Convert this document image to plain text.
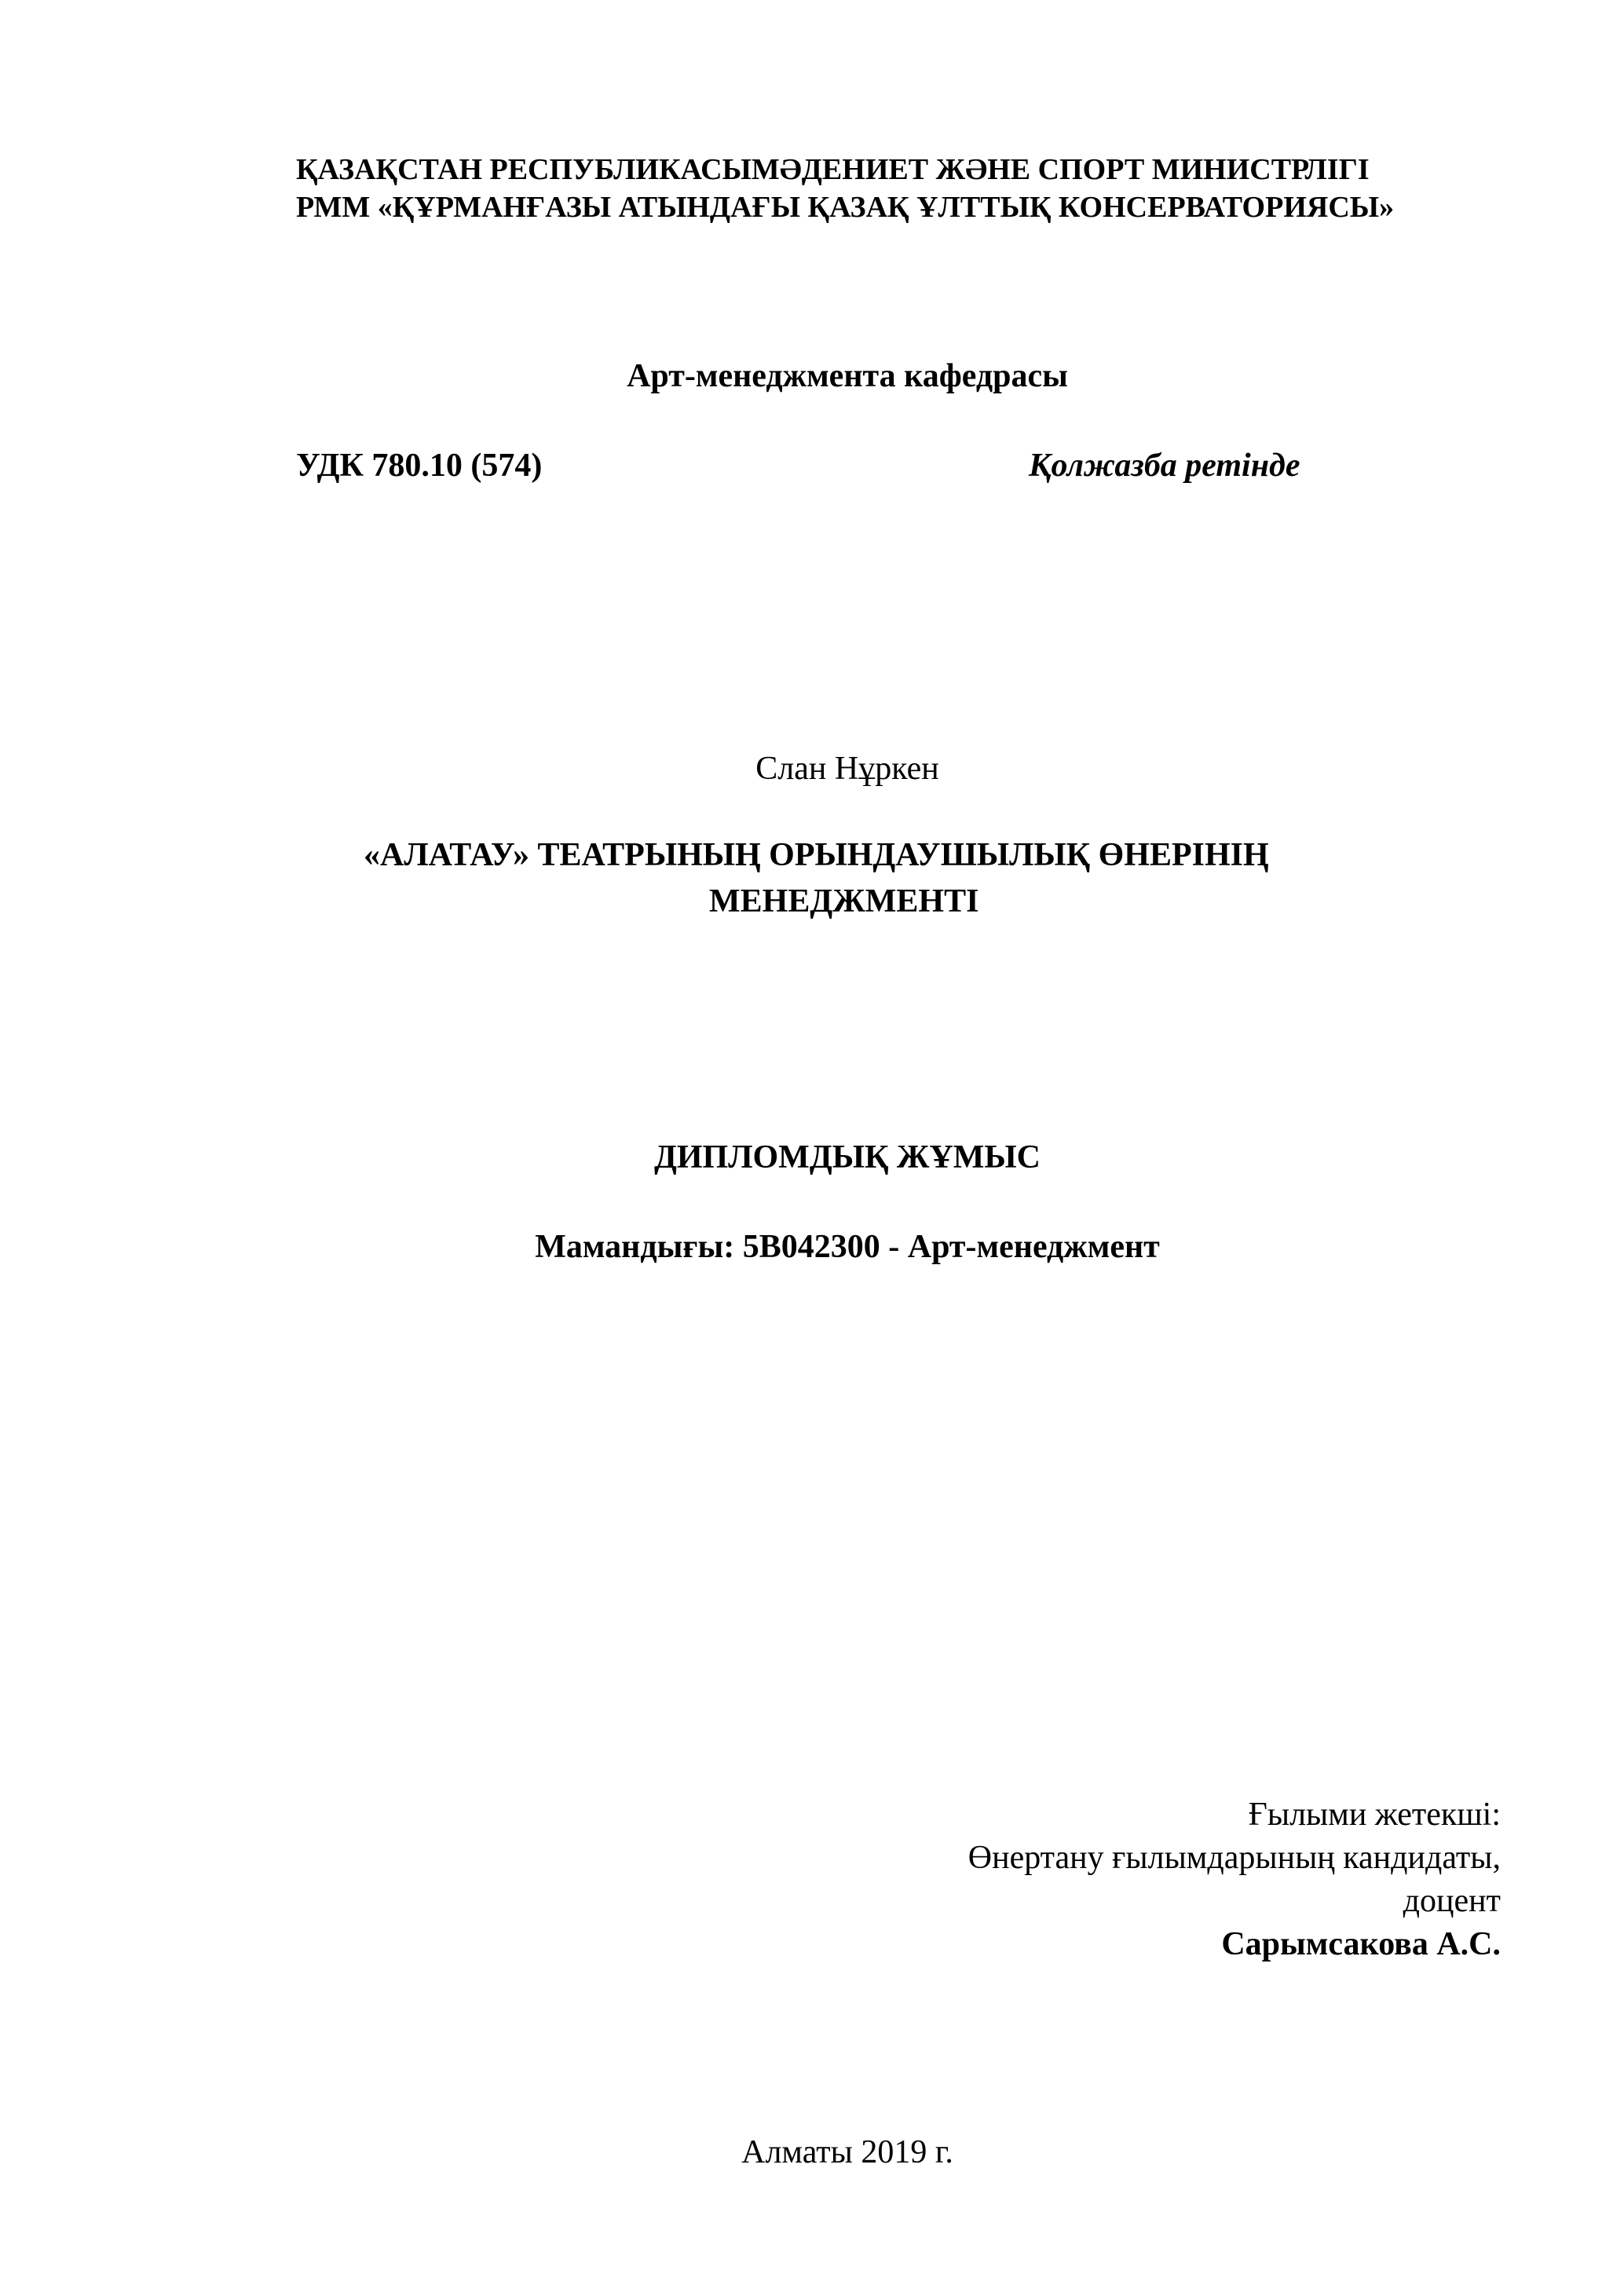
ҚАЗАҚСТАН РЕСПУБЛИКАСЫМӘДЕНИЕТ ЖӘНЕ СПОРТ МИНИСТРЛІГІ
РММ «ҚҰРМАНҒАЗЫ АТЫНДАҒЫ ҚАЗАҚ ҰЛТТЫҚ КОНСЕРВАТОРИЯСЫ»
Арт-менеджмента кафедрасы
УДК 780.10 (574)	Қолжазба ретінде
Слан Нұркен
«АЛАТАУ» ТЕАТРЫНЫҢ ОРЫНДАУШЫЛЫҚ ӨНЕРІНІҢ
МЕНЕДЖМЕНТІ
ДИПЛОМДЫҚ ЖҰМЫС
Мамандығы: 5В042300 - Арт-менеджмент
Ғылыми жетекші:
Өнертану ғылымдарының кандидаты,
доцент
Сарымсакова А.С.
Алматы 2019 г.
